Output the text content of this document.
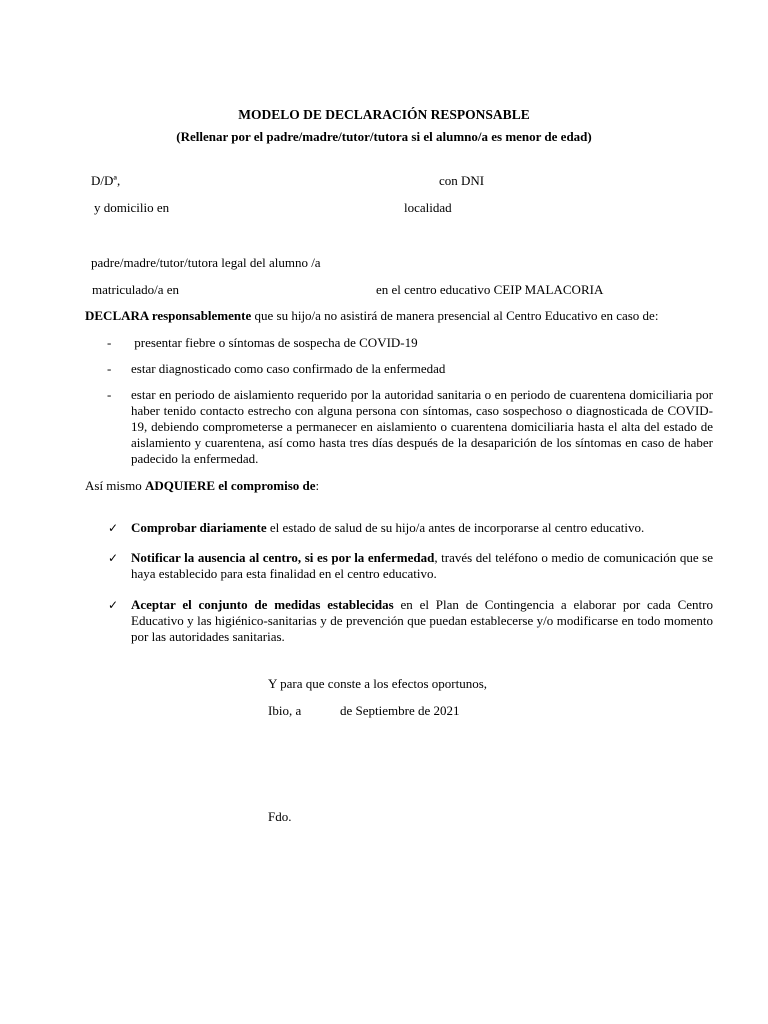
MODELO DE DECLARACIÓN RESPONSABLE
(Rellenar por el padre/madre/tutor/tutora si el alumno/a es menor de edad)
D/Dª,	con DNI
y domicilio en	localidad
padre/madre/tutor/tutora legal del alumno /a
matriculado/a en	en el centro educativo CEIP MALACORIA
DECLARA responsablemente que su hijo/a no asistirá de manera presencial al Centro Educativo en caso de:
- presentar fiebre o síntomas de sospecha de COVID-19
- estar diagnosticado como caso confirmado de la enfermedad
- estar en periodo de aislamiento requerido por la autoridad sanitaria o en periodo de cuarentena domiciliaria por haber tenido contacto estrecho con alguna persona con síntomas, caso sospechoso o diagnosticada de COVID-19, debiendo comprometerse a permanecer en aislamiento o cuarentena domiciliaria hasta el alta del estado de aislamiento y cuarentena, así como hasta tres días después de la desaparición de los síntomas en caso de haber padecido la enfermedad.
Así mismo ADQUIERE el compromiso de:
✓ Comprobar diariamente el estado de salud de su hijo/a antes de incorporarse al centro educativo.
✓ Notificar la ausencia al centro, si es por la enfermedad, través del teléfono o medio de comunicación que se haya establecido para esta finalidad en el centro educativo.
✓ Aceptar el conjunto de medidas establecidas en el Plan de Contingencia a elaborar por cada Centro Educativo y las higiénico-sanitarias y de prevención que puedan establecerse y/o modificarse en todo momento por las autoridades sanitarias.
Y para que conste a los efectos oportunos,
Ibio, a	de Septiembre de 2021
Fdo.
